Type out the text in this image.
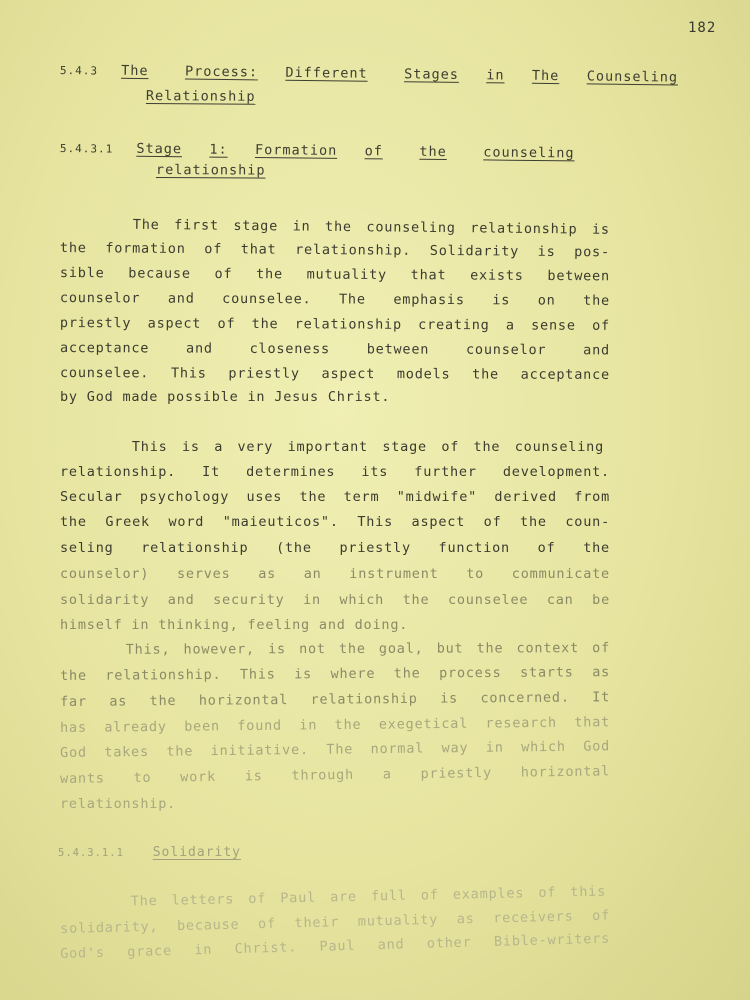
182
5.4.3 The	Process: Different	Stages in The Counseling
Relationship
5.4.3.1 Stage 1: Formation of	the	counseling
relationship
The first stage in the counseling relationship is
the formation of that relationship. Solidarity is pos-
sible because of the mutuality that exists between
counselor and counselee. The emphasis is on the
priestly aspect of the relationship creating a sense of
acceptance and closeness between counselor and
counselee. This priestly aspect models the acceptance
by God made possible in Jesus Christ.
This is a very important stage of the counseling
relationship. It determines its further development.
Secular psychology uses the term "midwife" derived from
the Greek word "maieuticos". This aspect of the coun-
seling relationship (the priestly function of the
counselor) serves as an instrument to communicate
solidarity and security in which the counselee can be
himself in thinking, feeling and doing.
This, however, is not the goal, but the context of
the relationship. This is where the process starts as
far as the horizontal relationship is concerned. It
has already been found in the exegetical research that
God takes the initiative. The normal way in which God
wants to work is through a priestly horizontal
relationship.
5.4.3.1.1 Solidarity
The letters of Paul are full of examples of this
solidarity, because of their mutuality as receivers of
God's grace in Christ. Paul and other Bible-writers
